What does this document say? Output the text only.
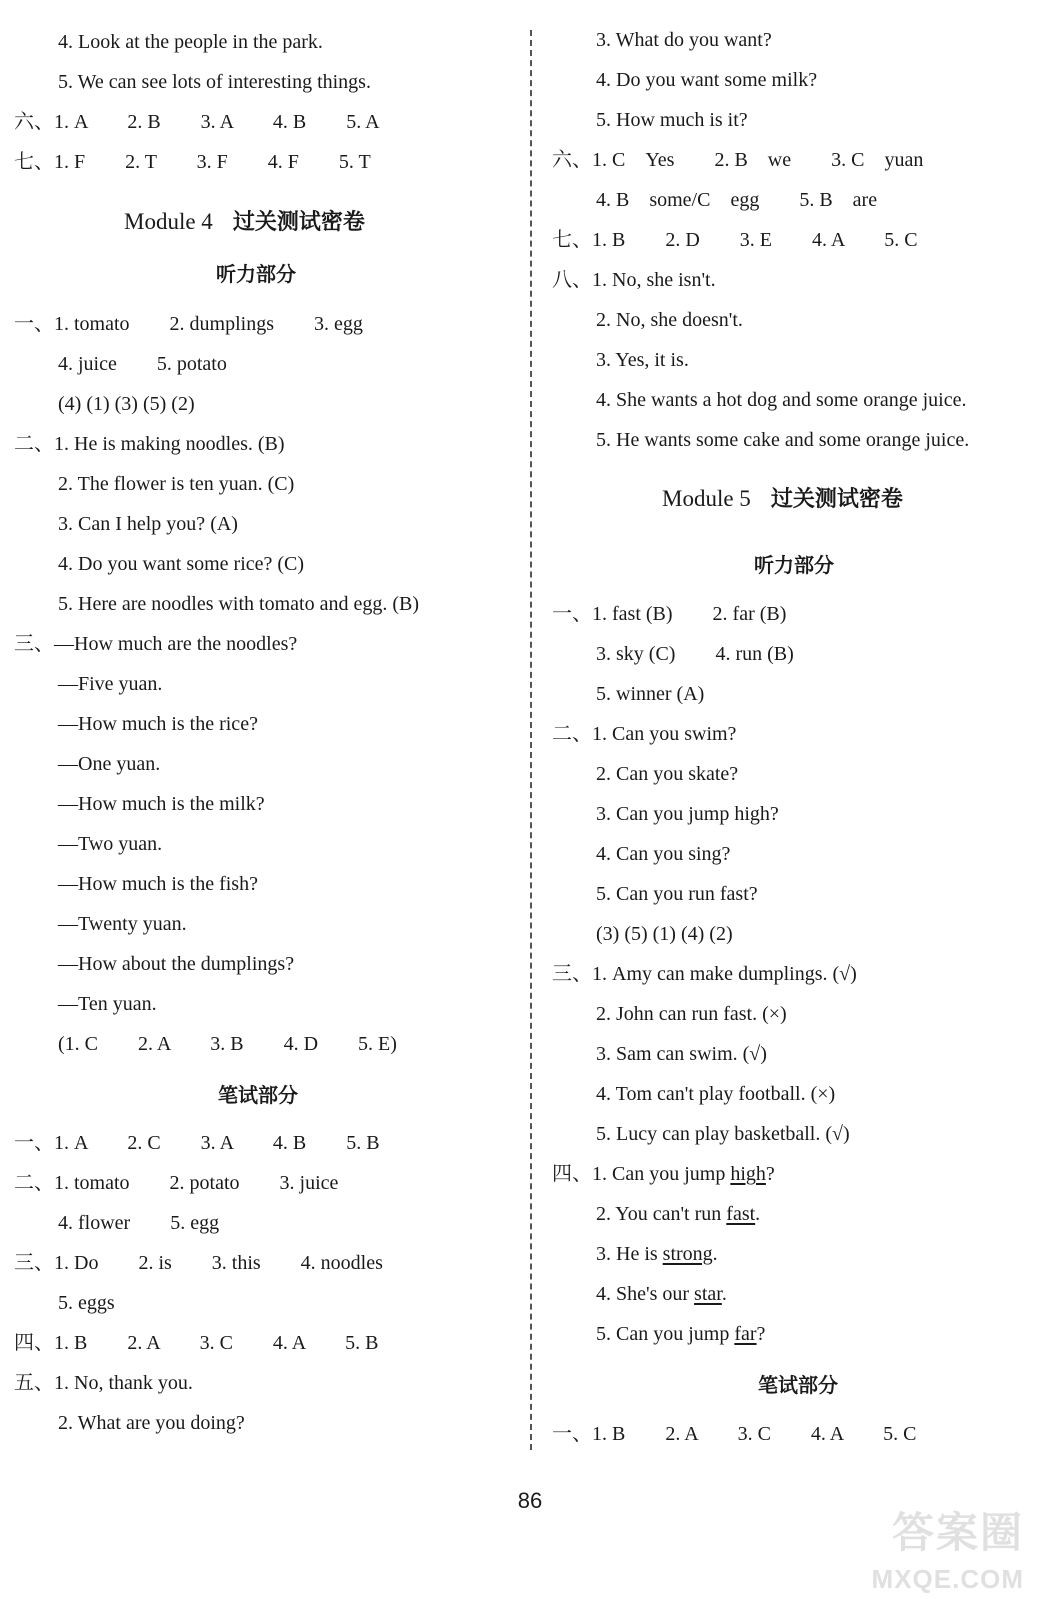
4. Look at the people in the park.
5. We can see lots of interesting things.
六、1. A　　2. B　　3. A　　4. B　　5. A
七、1. F　　2. T　　3. F　　4. F　　5. T
Module 4 过关测试密卷
听力部分
一、1. tomato　　2. dumplings　　3. egg
4. juice　　5. potato
(4) (1) (3) (5) (2)
二、1. He is making noodles. (B)
2. The flower is ten yuan. (C)
3. Can I help you? (A)
4. Do you want some rice? (C)
5. Here are noodles with tomato and egg. (B)
三、—How much are the noodles?
—Five yuan.
—How much is the rice?
—One yuan.
—How much is the milk?
—Two yuan.
—How much is the fish?
—Twenty yuan.
—How about the dumplings?
—Ten yuan.
(1. C　　2. A　　3. B　　4. D　　5. E)
笔试部分
一、1. A　　2. C　　3. A　　4. B　　5. B
二、1. tomato　　2. potato　　3. juice
4. flower　　5. egg
三、1. Do　　2. is　　3. this　　4. noodles
5. eggs
四、1. B　　2. A　　3. C　　4. A　　5. B
五、1. No, thank you.
2. What are you doing?
3. What do you want?
4. Do you want some milk?
5. How much is it?
六、1. C　Yes　　2. B　we　　3. C　yuan
4. B　some/C　egg　　5. B　are
七、1. B　　2. D　　3. E　　4. A　　5. C
八、1. No, she isn't.
2. No, she doesn't.
3. Yes, it is.
4. She wants a hot dog and some orange juice.
5. He wants some cake and some orange juice.
Module 5 过关测试密卷
听力部分
一、1. fast (B)　　2. far (B)
3. sky (C)　　4. run (B)
5. winner (A)
二、1. Can you swim?
2. Can you skate?
3. Can you jump high?
4. Can you sing?
5. Can you run fast?
(3) (5) (1) (4) (2)
三、1. Amy can make dumplings. (√)
2. John can run fast. (×)
3. Sam can swim. (√)
4. Tom can't play football. (×)
5. Lucy can play basketball. (√)
四、1. Can you jump high?
2. You can't run fast.
3. He is strong.
4. She's our star.
5. Can you jump far?
笔试部分
一、1. B　　2. A　　3. C　　4. A　　5. C
86
答案圈
MXQE.COM
